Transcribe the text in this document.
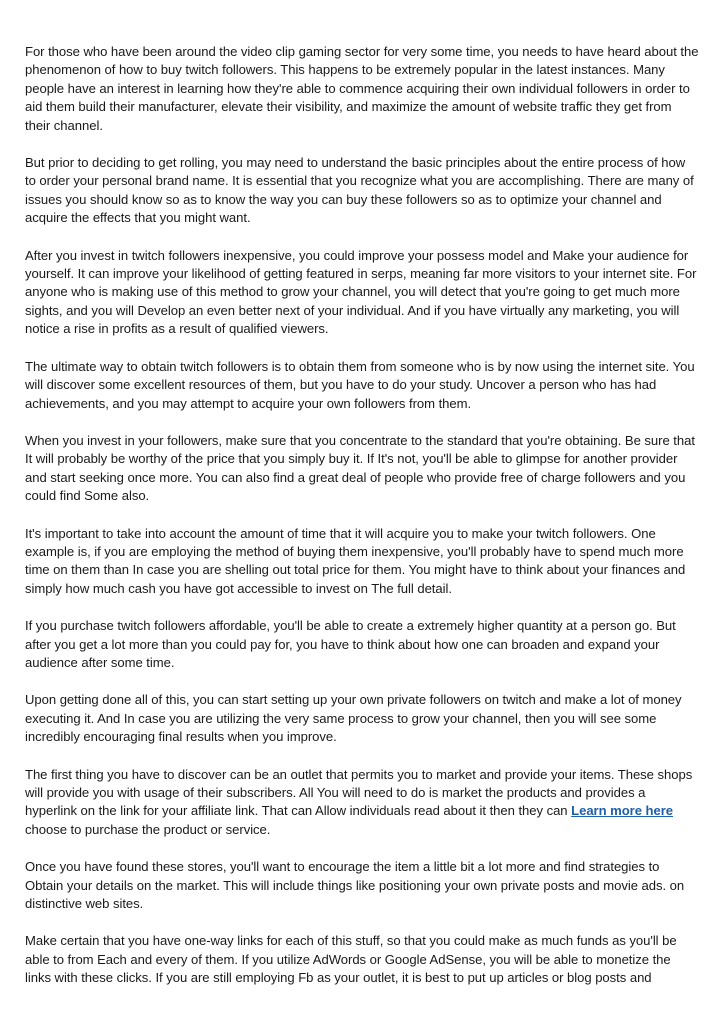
For those who have been around the video clip gaming sector for very some time, you needs to have heard about the phenomenon of how to buy twitch followers. This happens to be extremely popular in the latest instances. Many people have an interest in learning how they're able to commence acquiring their own individual followers in order to aid them build their manufacturer, elevate their visibility, and maximize the amount of website traffic they get from their channel.

But prior to deciding to get rolling, you may need to understand the basic principles about the entire process of how to order your personal brand name. It is essential that you recognize what you are accomplishing. There are many of issues you should know so as to know the way you can buy these followers so as to optimize your channel and acquire the effects that you might want.

After you invest in twitch followers inexpensive, you could improve your possess model and Make your audience for yourself. It can improve your likelihood of getting featured in serps, meaning far more visitors to your internet site. For anyone who is making use of this method to grow your channel, you will detect that you're going to get much more sights, and you will Develop an even better next of your individual. And if you have virtually any marketing, you will notice a rise in profits as a result of qualified viewers.

The ultimate way to obtain twitch followers is to obtain them from someone who is by now using the internet site. You will discover some excellent resources of them, but you have to do your study. Uncover a person who has had achievements, and you may attempt to acquire your own followers from them.

When you invest in your followers, make sure that you concentrate to the standard that you're obtaining. Be sure that It will probably be worthy of the price that you simply buy it. If It's not, you'll be able to glimpse for another provider and start seeking once more. You can also find a great deal of people who provide free of charge followers and you could find Some also.

It's important to take into account the amount of time that it will acquire you to make your twitch followers. One example is, if you are employing the method of buying them inexpensive, you'll probably have to spend much more time on them than In case you are shelling out total price for them. You might have to think about your finances and simply how much cash you have got accessible to invest on The full detail.

If you purchase twitch followers affordable, you'll be able to create a extremely higher quantity at a person go. But after you get a lot more than you could pay for, you have to think about how one can broaden and expand your audience after some time.

Upon getting done all of this, you can start setting up your own private followers on twitch and make a lot of money executing it. And In case you are utilizing the very same process to grow your channel, then you will see some incredibly encouraging final results when you improve.

The first thing you have to discover can be an outlet that permits you to market and provide your items. These shops will provide you with usage of their subscribers. All You will need to do is market the products and provides a hyperlink on the link for your affiliate link. That can Allow individuals read about it then they can Learn more here choose to purchase the product or service.

Once you have found these stores, you'll want to encourage the item a little bit a lot more and find strategies to Obtain your details on the market. This will include things like positioning your own private posts and movie ads. on distinctive web sites.

Make certain that you have one-way links for each of this stuff, so that you could make as much funds as you'll be able to from Each and every of them. If you utilize AdWords or Google AdSense, you will be able to monetize the links with these clicks. If you are still employing Fb as your outlet, it is best to put up articles or blog posts and
